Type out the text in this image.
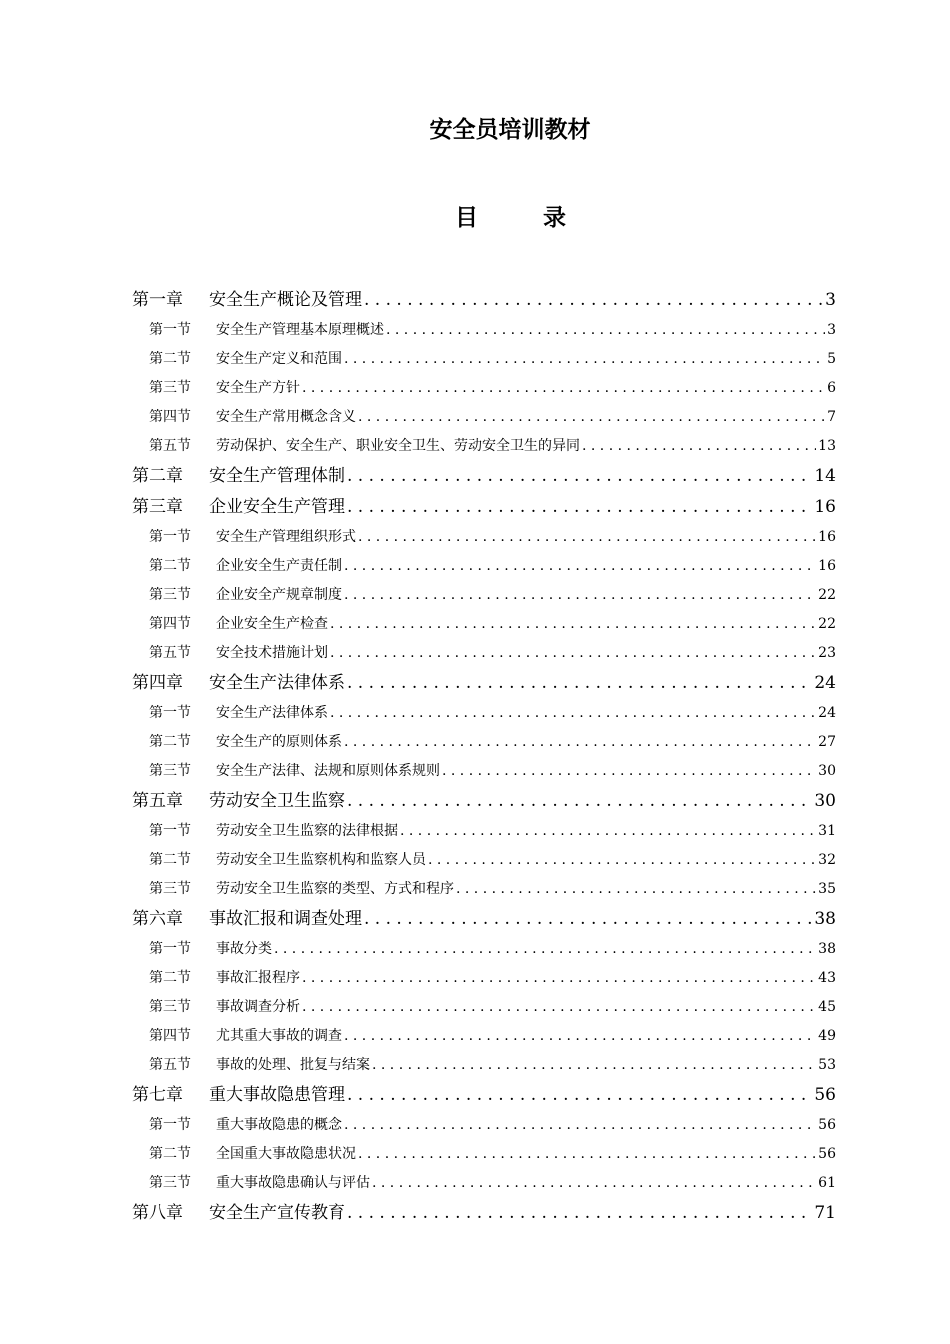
安全员培训教材
目	录
第一章	安全生产概论及管理 . . .	3
第一节	安全生产管理基本原理概述 . . .	3
第二节	安全生产定义和范围 . . .	5
第三节	安全生产方针 . . .	6
第四节	安全生产常用概念含义 . . .	7
第五节	劳动保护、安全生产、职业安全卫生、劳动安全卫生的异同 . . .	13
第二章	安全生产管理体制 . . .	14
第三章	企业安全生产管理 . . .	16
第一节	安全生产管理组织形式 . . .	16
第二节	企业安全生产责任制 . . .	16
第三节	企业安全产规章制度 . . .	22
第四节	企业安全生产检查 . . .	22
第五节	安全技术措施计划 . . .	23
第四章	安全生产法律体系 . . .	24
第一节	安全生产法律体系 . . .	24
第二节	安全生产的原则体系 . . .	27
第三节	安全生产法律、法规和原则体系规则 . . .	30
第五章	劳动安全卫生监察 . . .	30
第一节	劳动安全卫生监察的法律根据 . . .	31
第二节	劳动安全卫生监察机构和监察人员 . . .	32
第三节	劳动安全卫生监察的类型、方式和程序 . . .	35
第六章	事故汇报和调查处理 . . .	38
第一节	事故分类 . . .	38
第二节	事故汇报程序 . . .	43
第三节	事故调查分析 . . .	45
第四节	尤其重大事故的调查 . . .	49
第五节	事故的处理、批复与结案 . . .	53
第七章	重大事故隐患管理 . . .	56
第一节	重大事故隐患的概念 . . .	56
第二节	全国重大事故隐患状况 . . .	56
第三节	重大事故隐患确认与评估 . . .	61
第八章	安全生产宣传教育 . . .	71
